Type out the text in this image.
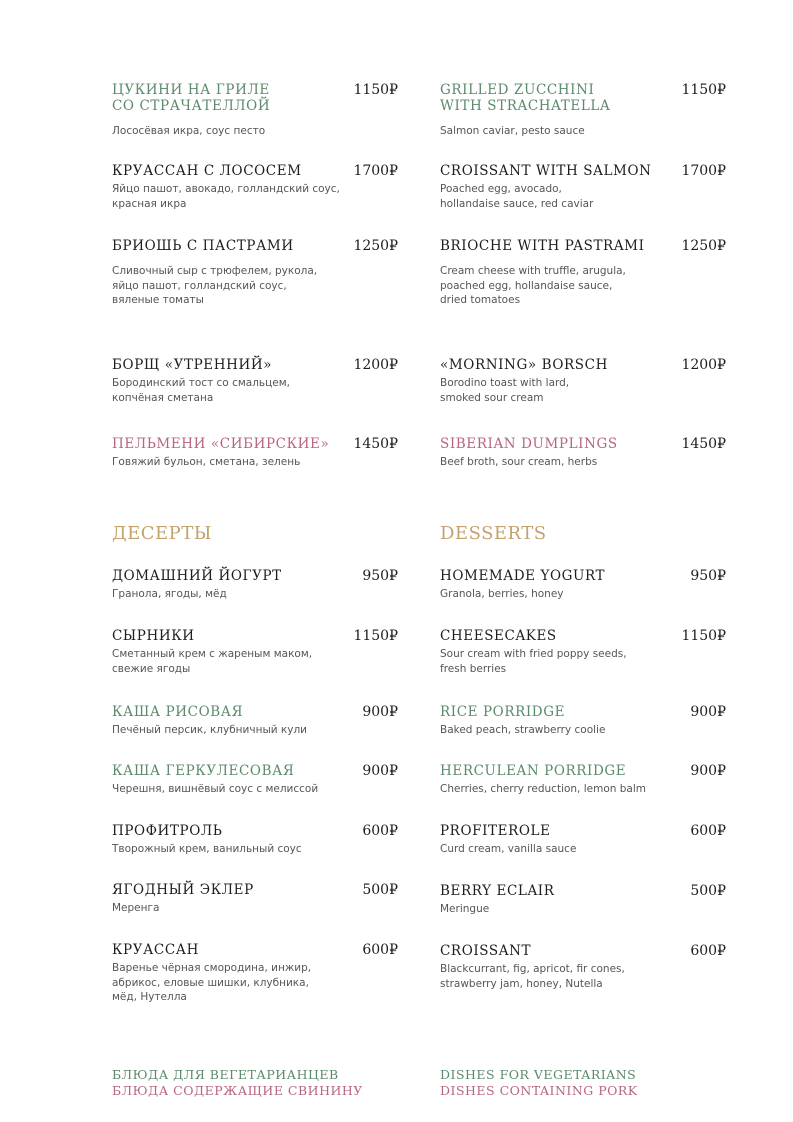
ЦУКИНИ НА ГРИЛЕ
СО СТРАЧАТЕЛЛОЙ
1150₽
Лососёвая икра, соус песто
КРУАССАН С ЛОСОСЕМ	1700₽
Яйцо пашот, авокадо, голландский соус,
красная икра
БРИОШЬ С ПАСТРАМИ	1250₽
Сливочный сыр с трюфелем, рукола,
яйцо пашот, голландский соус,
вяленые томаты
БОРЩ «УТРЕННИЙ»	1200₽
Бородинский тост со смальцем,
копчёная сметана
ПЕЛЬМЕНИ «СИБИРСКИЕ»	1450₽
Говяжий бульон, сметана, зелень
ДЕСЕРТЫ
ДОМАШНИЙ ЙОГУРТ	950₽
Гранола, ягоды, мёд
СЫРНИКИ	1150₽
Сметанный крем с жареным маком,
свежие ягоды
КАША РИСОВАЯ	900₽
Печёный персик, клубничный кули
КАША ГЕРКУЛЕСОВАЯ	900₽
Черешня, вишнёвый соус с мелиссой
ПРОФИТРОЛЬ	600₽
Творожный крем, ванильный соус
ЯГОДНЫЙ ЭКЛЕР	500₽
Меренга
КРУАССАН	600₽
Варенье чёрная смородина, инжир,
абрикос, еловые шишки, клубника,
мёд, Нутелла
БЛЮДА ДЛЯ ВЕГЕТАРИАНЦЕВ
БЛЮДА СОДЕРЖАЩИЕ СВИНИНУ
GRILLED ZUCCHINI
WITH STRACHATELLA
1150₽
Salmon caviar, pesto sauce
CROISSANT WITH SALMON	1700₽
Poached egg, avocado,
hollandaise sauce, red caviar
BRIOCHE WITH PASTRAMI	1250₽
Cream cheese with truffle, arugula,
poached egg, hollandaise sauce,
dried tomatoes
«MORNING» BORSCH	1200₽
Borodino toast with lard,
smoked sour cream
SIBERIAN DUMPLINGS	1450₽
Beef broth, sour cream, herbs
DESSERTS
HOMEMADE YOGURT	950₽
Granola, berries, honey
CHEESECAKES	1150₽
Sour cream with fried poppy seeds,
fresh berries
RICE PORRIDGE	900₽
Baked peach, strawberry coolie
HERCULEAN PORRIDGE	900₽
Cherries, cherry reduction, lemon balm
PROFITEROLE	600₽
Curd cream, vanilla sauce
BERRY ECLAIR	500₽
Meringue
CROISSANT	600₽
Blackcurrant, fig, apricot, fir cones,
strawberry jam, honey, Nutella
DISHES FOR VEGETARIANS
DISHES CONTAINING PORK
